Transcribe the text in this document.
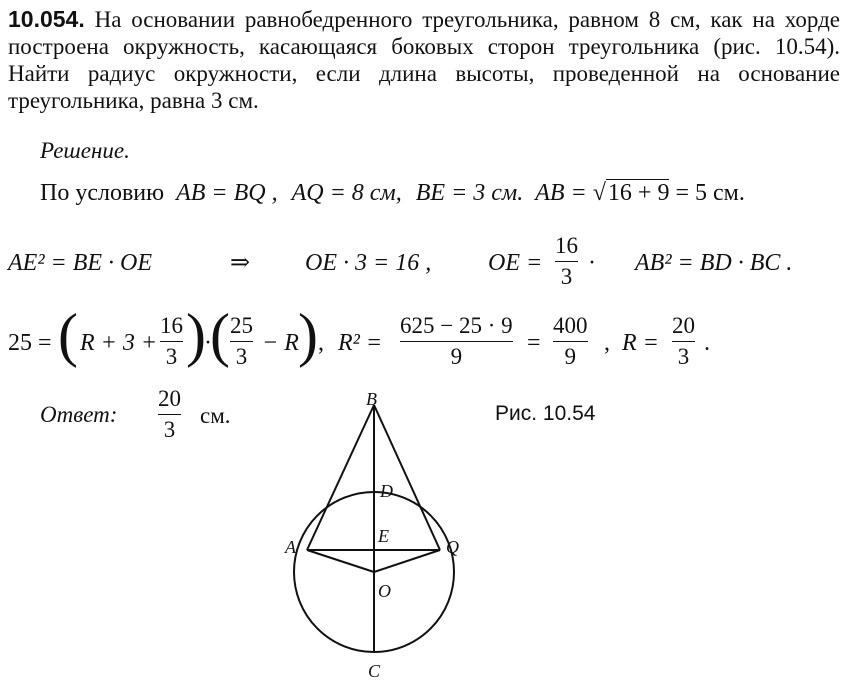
10.054. На основании равнобедренного треугольника, равном 8 см, как на хорде построена окружность, касающаяся боковых сторон треугольника (рис. 10.54). Найти радиус окружности, если длина высоты, проведенной на основание треугольника, равна 3 см.
Решение.
По условию AB = BQ , AQ = 8 см, BE = 3 см. AB = √16 + 9 = 5 см.
AE² = BE · OE	⇒ OE · 3 = 16 , OE =
16
3
· AB² = BD · BC .
25 = ( R + 3 +
16
3 )
·
( 25
3
− R ) , R² =
625 − 25 · 9
9
=
400
9
, R =
20
3
.
Ответ:
20
3
см.	Рис. 10.54
B
D
E
A	Q
O
C
